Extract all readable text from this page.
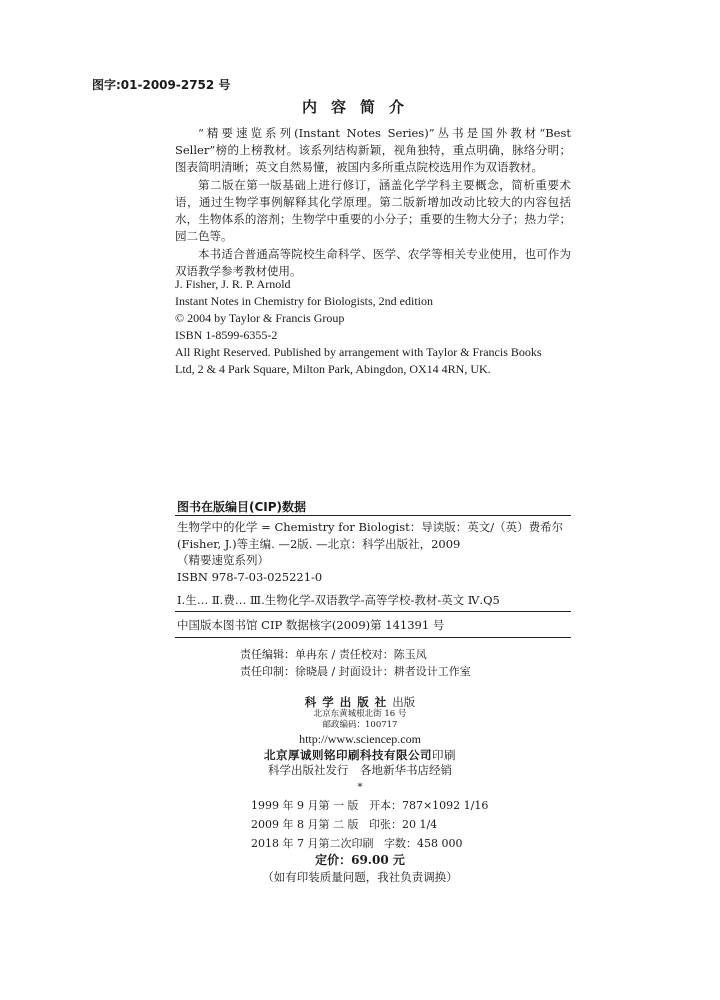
图字:01-2009-2752 号
内容简介

“精要速览系列(Instant Notes Series)”丛书是国外教材“Best Seller”榜的上榜教材。该系列结构新颖，视角独特，重点明确，脉络分明；图表简明清晰；英文自然易懂，被国内多所重点院校选用作为双语教材。

第二版在第一版基础上进行修订，涵盖化学学科主要概念，简析重要术语，通过生物学事例解释其化学原理。第二版新增加改动比较大的内容包括水，生物体系的溶剂；生物学中重要的小分子；重要的生物大分子；热力学；园二色等。

本书适合普通高等院校生命科学、医学、农学等相关专业使用，也可作为双语教学参考教材使用。

J. Fisher, J. R. P. Arnold
Instant Notes in Chemistry for Biologists, 2nd edition
© 2004 by Taylor & Francis Group
ISBN 1-8599-6355-2
All Right Reserved. Published by arrangement with Taylor & Francis Books
Ltd, 2 & 4 Park Square, Milton Park, Abingdon, OX14 4RN, UK.
图书在版编目(CIP)数据
生物学中的化学 = Chemistry for Biologist：导读版：英文/（英）费希尔
(Fisher, J.)等主编. —2版. —北京：科学出版社，2009
（精要速览系列）
ISBN 978-7-03-025221-0
Ⅰ.生… Ⅱ.费… Ⅲ.生物化学-双语教学-高等学校-教材-英文 Ⅳ.Q5
中国版本图书馆 CIP 数据核字(2009)第 141391 号
责任编辑：单冉东 / 责任校对：陈玉凤
责任印制：徐晓晨 / 封面设计：耕者设计工作室
科学出版社出版
北京东黄城根北街 16 号
邮政编码：100717
http://www.sciencep.com
北京厚诚则铭印刷科技有限公司印刷
科学出版社发行　各地新华书店经销
*
1999 年 9 月第 一 版   开本：787×1092 1/16
2009 年 8 月第 二 版   印张：20 1/4
2018 年 7 月第二次印刷   字数：458 000
定价：69.00 元
（如有印装质量问题，我社负责调换）
